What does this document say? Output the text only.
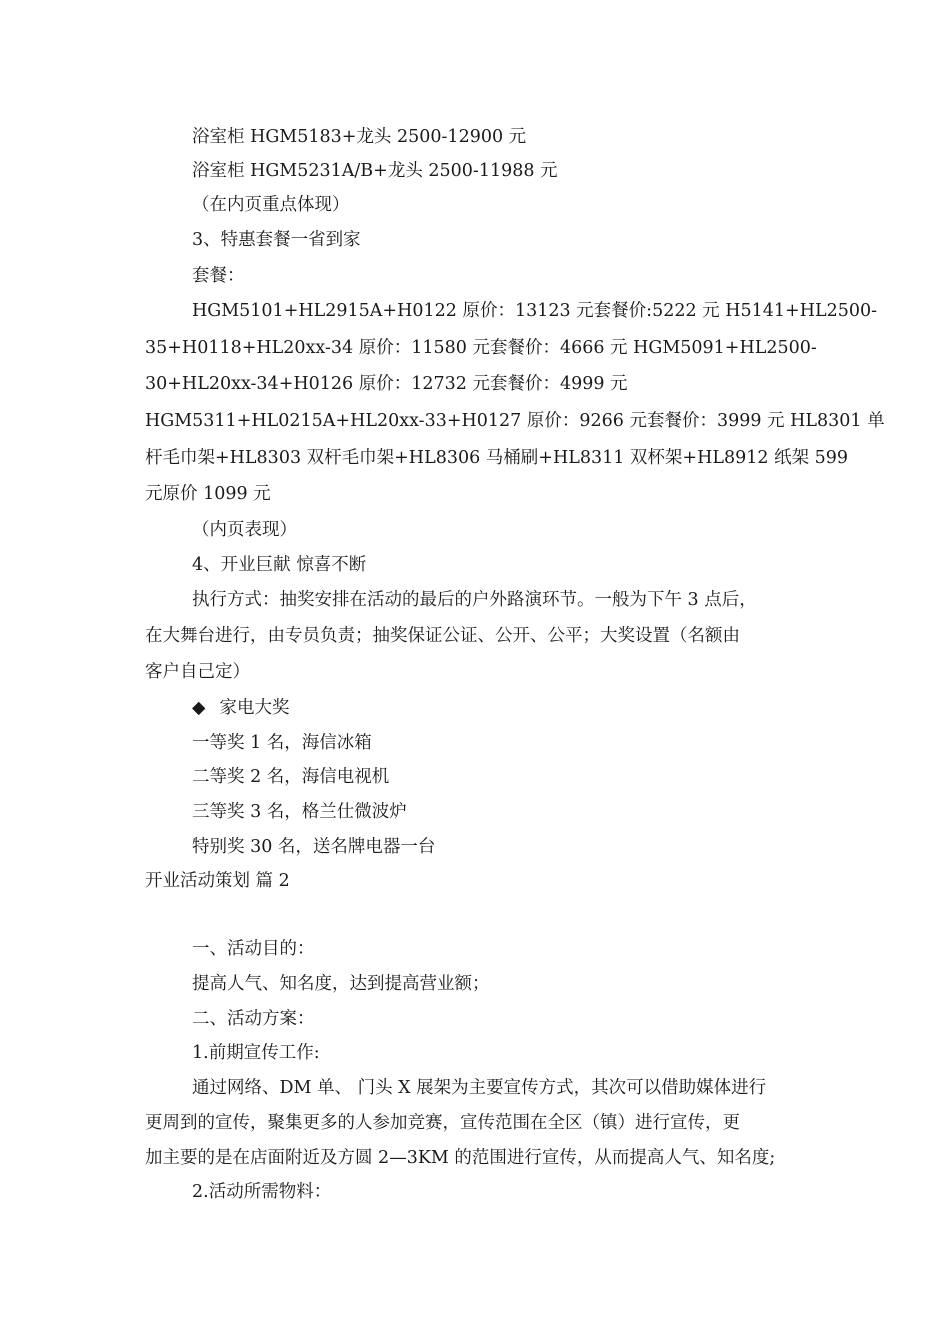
浴室柜 HGM5183+龙头 2500-12900 元
浴室柜 HGM5231A/B+龙头 2500-11988 元
（在内页重点体现）
3、特惠套餐一省到家
套餐：
HGM5101+HL2915A+H0122 原价：13123 元套餐价:5222 元 H5141+HL2500-
35+H0118+HL20xx-34 原价：11580 元套餐价：4666 元 HGM5091+HL2500-
30+HL20xx-34+H0126 原价：12732 元套餐价：4999 元
HGM5311+HL0215A+HL20xx-33+H0127 原价：9266 元套餐价：3999 元 HL8301 单
杆毛巾架+HL8303 双杆毛巾架+HL8306 马桶刷+HL8311 双杯架+HL8912 纸架 599
元原价 1099 元
（内页表现）
4、开业巨献 惊喜不断
执行方式：抽奖安排在活动的最后的户外路演环节。一般为下午 3 点后，
在大舞台进行，由专员负责；抽奖保证公证、公开、公平；大奖设置（名额由
客户自己定）
◆ 家电大奖
一等奖 1 名，海信冰箱
二等奖 2 名，海信电视机
三等奖 3 名，格兰仕微波炉
特别奖 30 名，送名牌电器一台
开业活动策划 篇 2
一、活动目的：
提高人气、知名度，达到提高营业额；
二、活动方案：
1.前期宣传工作:
通过网络、DM 单、 门头 X 展架为主要宣传方式，其次可以借助媒体进行
更周到的宣传，聚集更多的人参加竞赛，宣传范围在全区（镇）进行宣传，更
加主要的是在店面附近及方圆 2—3KM 的范围进行宣传，从而提高人气、知名度;
2.活动所需物料：
